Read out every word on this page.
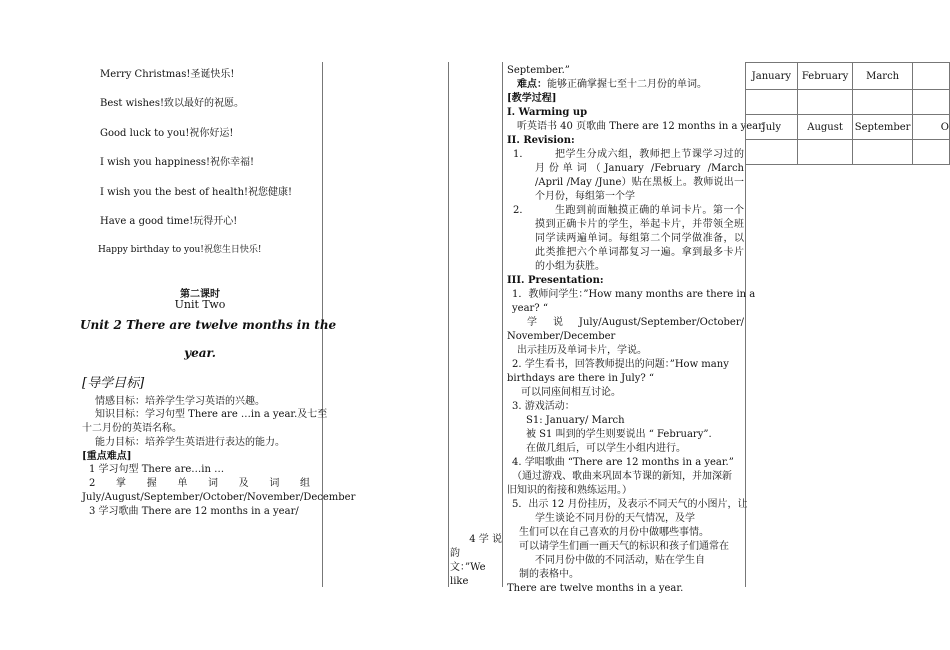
Merry Christmas!圣诞快乐!
Best wishes!致以最好的祝愿。
Good luck to you!祝你好运!
I wish you happiness!祝你幸福!
I wish you the best of health!祝您健康!
Have a good time!玩得开心!
Happy birthday to you!祝您生日快乐!
第二课时
Unit Two
Unit 2 There are twelve months in the
year.
[导学目标]
情感目标：培养学生学习英语的兴趣。
知识目标：学习句型 There are …in a year.及七至
十二月份的英语名称。
能力目标：培养学生英语进行表达的能力。
[重点难点]
1 学习句型 There are…in …
2 掌 握 单 词 及 词 组
July/August/September/October/November/December
3 学习歌曲 There are 12 months in a year/
4 学 说
韵
文：”We
like
September.”
难点：能够正确掌握七至十二月份的单词。
[教学过程]
I. Warming up
听英语书 40 页歌曲 There are 12 months in a year.
II. Revision:
1．	把学生分成六组，教师把上节课学习过的月份单词（January /February /March /April /May /June）贴在黑板上。教师说出一个月份，每组第一个学
2．	生跑到前面触摸正确的单词卡片。第一个摸到正确卡片的学生，举起卡片，并带领全班同学读两遍单词。每组第二个同学做准备，以此类推把六个单词都复习一遍。拿到最多卡片的小组为获胜。
III. Presentation:
1．教师问学生：”How many months are there in a
year? “
学 说 July/August/September/October/
November/December
出示挂历及单词卡片，学说。
2. 学生看书，回答教师提出的问题：”How many
birthdays are there in July? “
可以同座间相互讨论。
3. 游戏活动：
S1: January/ March
被 S1 叫到的学生则要说出 “ February”.
在做几组后，可以学生小组内进行。
4. 学唱歌曲 “There are 12 months in a year.”
（通过游戏、歌曲来巩固本节课的新知，并加深新
旧知识的衔接和熟练运用。）
5．出示 12 月份挂历，及表示不同天气的小图片，让
学生谈论不同月份的天气情况，及学
生们可以在自己喜欢的月份中做哪些事情。
可以请学生们画一画天气的标识和孩子们通常在
不同月份中做的不同活动，贴在学生自
制的表格中。
There are twelve months in a year.
January	February	March	

July	August	September	O
